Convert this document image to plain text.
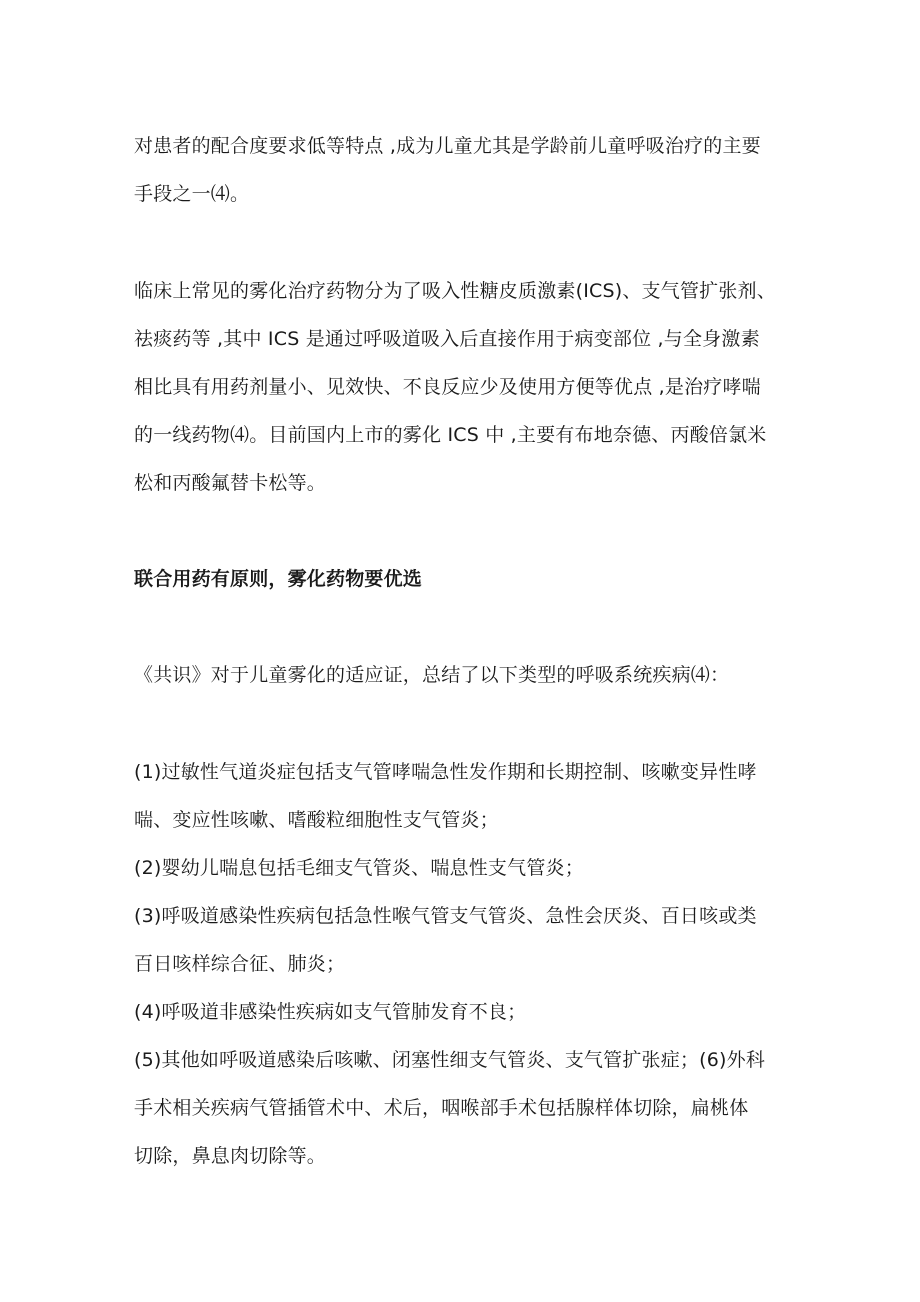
对患者的配合度要求低等特点 ,成为儿童尤其是学龄前儿童呼吸治疗的主要
手段之一⑷。
临床上常见的雾化治疗药物分为了吸入性糖皮质激素(ICS)、支气管扩张剂、
祛痰药等 ,其中 ICS 是通过呼吸道吸入后直接作用于病变部位 ,与全身激素
相比具有用药剂量小、见效快、不良反应少及使用方便等优点 ,是治疗哮喘
的一线药物⑷。目前国内上市的雾化 ICS 中 ,主要有布地奈德、丙酸倍氯米
松和丙酸氟替卡松等。
联合用药有原则，雾化药物要优选
《共识》对于儿童雾化的适应证，总结了以下类型的呼吸系统疾病⑷：
(1)过敏性气道炎症包括支气管哮喘急性发作期和长期控制、咳嗽变异性哮
喘、变应性咳嗽、嗜酸粒细胞性支气管炎；
(2)婴幼儿喘息包括毛细支气管炎、喘息性支气管炎；
(3)呼吸道感染性疾病包括急性喉气管支气管炎、急性会厌炎、百日咳或类
百日咳样综合征、肺炎；
(4)呼吸道非感染性疾病如支气管肺发育不良；
(5)其他如呼吸道感染后咳嗽、闭塞性细支气管炎、支气管扩张症；(6)外科
手术相关疾病气管插管术中、术后，咽喉部手术包括腺样体切除，扁桃体
切除，鼻息肉切除等。
